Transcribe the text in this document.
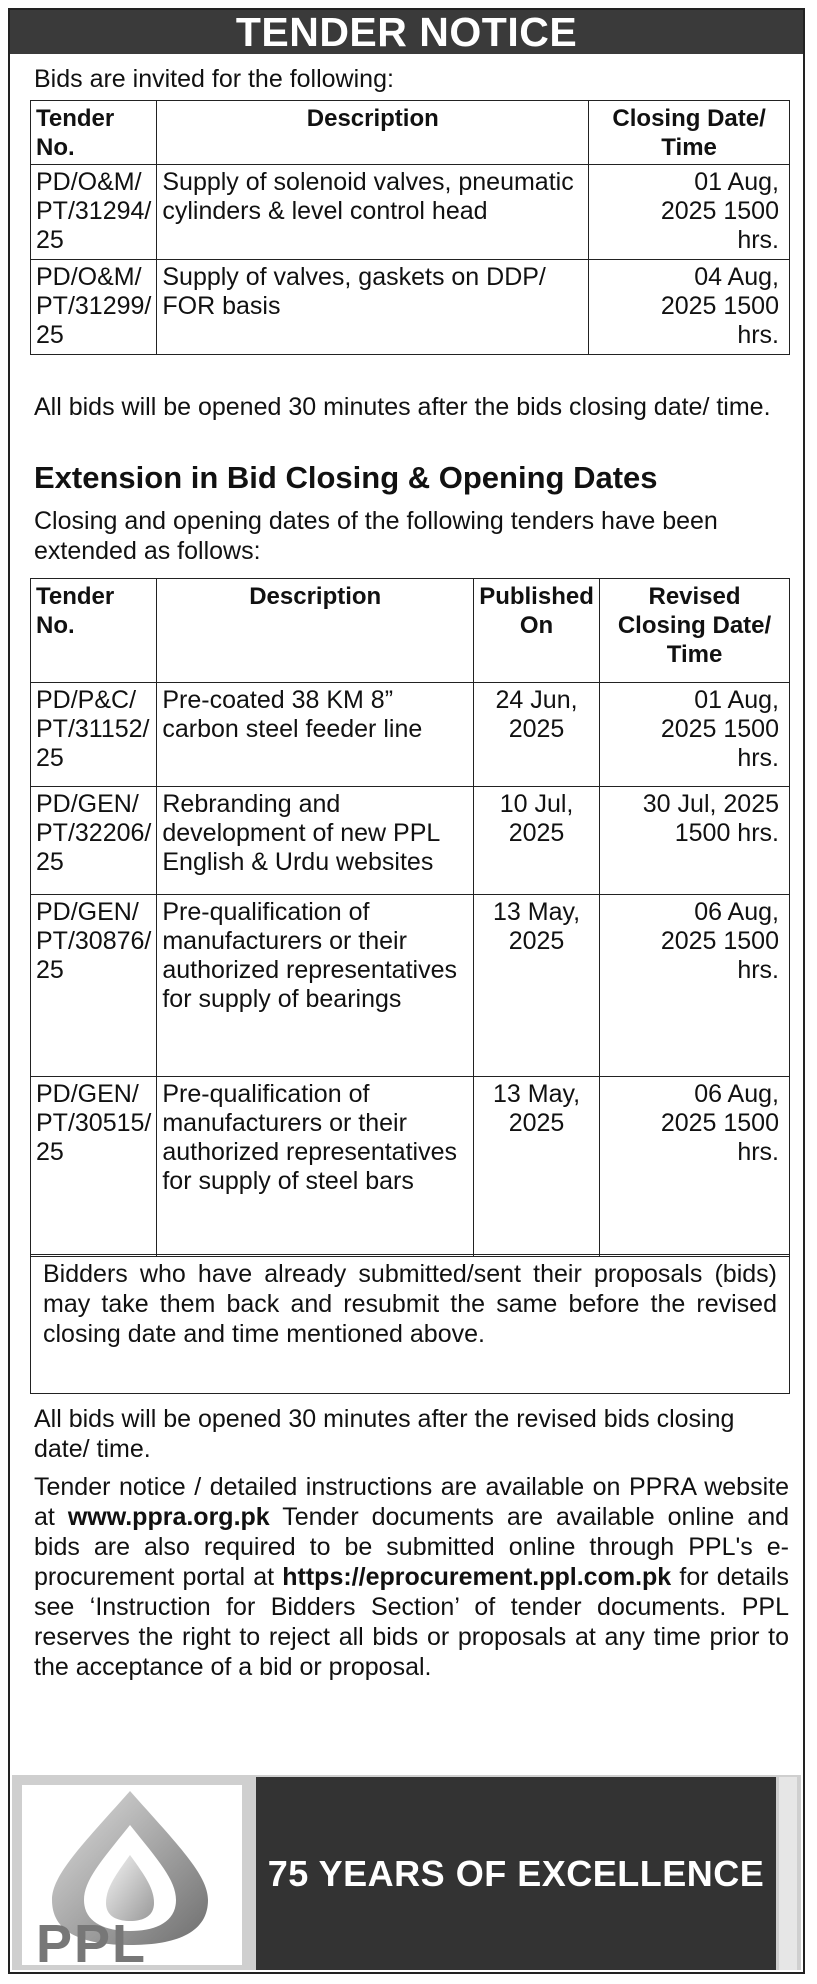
TENDER NOTICE
Bids are invited for the following:
Tender No.	Description	Closing Date/ Time
PD/O&M/ PT/31294/ 25	Supply of solenoid valves, pneumatic cylinders & level control head	01 Aug, 2025 1500 hrs.
PD/O&M/ PT/31299/ 25	Supply of valves, gaskets on DDP/ FOR basis	04 Aug, 2025 1500 hrs.
All bids will be opened 30 minutes after the bids closing date/ time.
Extension in Bid Closing & Opening Dates
Closing and opening dates of the following tenders have been extended as follows:
Tender No.	Description	Published On	Revised Closing Date/ Time
PD/P&C/ PT/31152/ 25	Pre-coated 38 KM 8” carbon steel feeder line	24 Jun, 2025	01 Aug, 2025 1500 hrs.
PD/GEN/ PT/32206/ 25	Rebranding and development of new PPL English & Urdu websites	10 Jul, 2025	30 Jul, 2025 1500 hrs.
PD/GEN/ PT/30876/ 25	Pre-qualification of manufacturers or their authorized representatives for supply of bearings	13 May, 2025	06 Aug, 2025 1500 hrs.
PD/GEN/ PT/30515/ 25	Pre-qualification of manufacturers or their authorized representatives for supply of steel bars	13 May, 2025	06 Aug, 2025 1500 hrs.
Bidders who have already submitted/sent their proposals (bids) may take them back and resubmit the same before the revised closing date and time mentioned above.
All bids will be opened 30 minutes after the revised bids closing date/ time.
Tender notice / detailed instructions are available on PPRA website at www.ppra.org.pk Tender documents are available online and bids are also required to be submitted online through PPL's e-procurement portal at https://eprocurement.ppl.com.pk for details see ‘Instruction for Bidders Section’ of tender documents. PPL reserves the right to reject all bids or proposals at any time prior to the acceptance of a bid or proposal.
PPL
75 YEARS OF EXCELLENCE
